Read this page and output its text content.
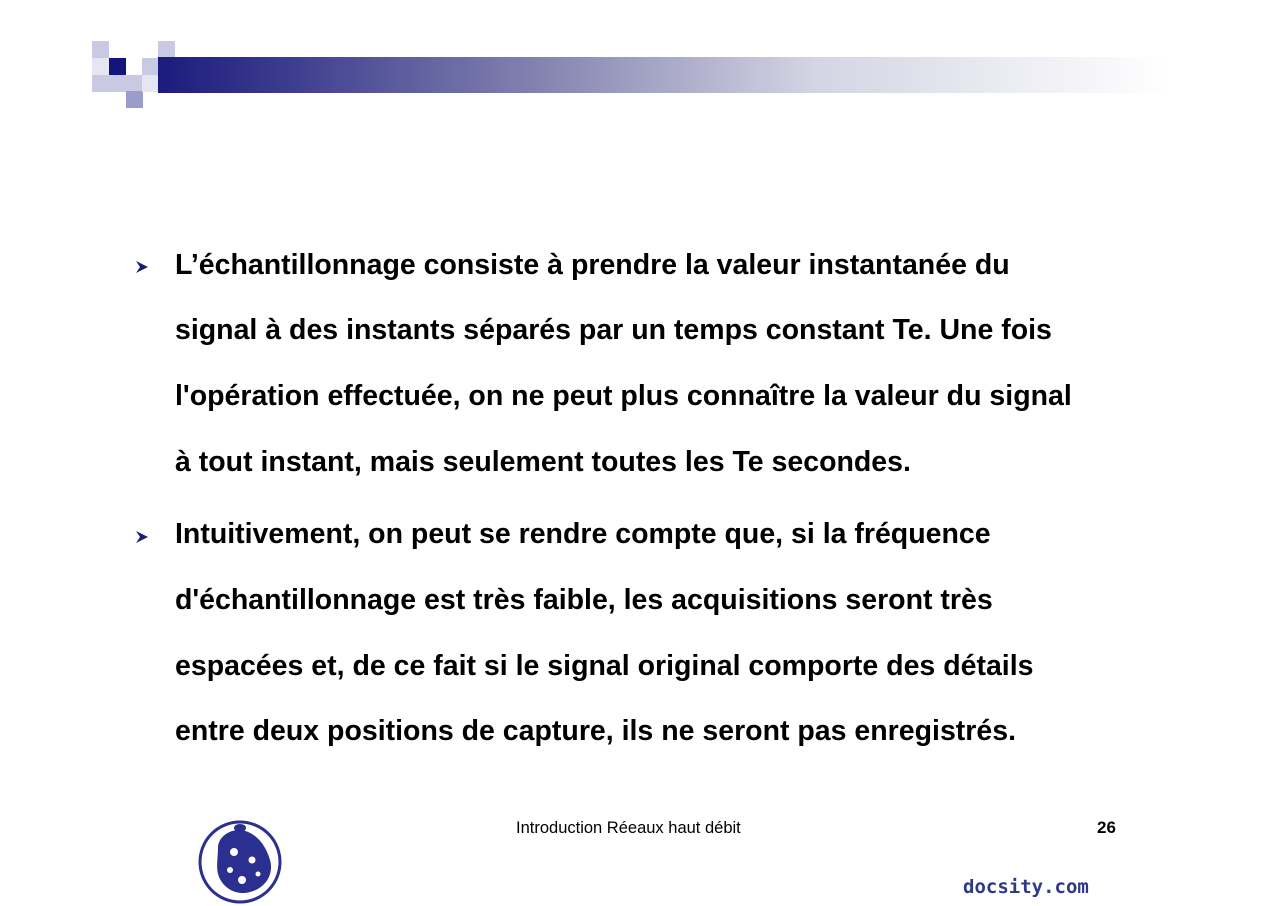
L’échantillonnage consiste à prendre la valeur instantanée du
signal à des instants séparés par un temps constant Te. Une fois
l'opération effectuée, on ne peut plus connaître la valeur du signal
à tout instant, mais seulement toutes les Te secondes.
Intuitivement, on peut se rendre compte que, si la fréquence
d'échantillonnage est très faible, les acquisitions seront très
espacées et, de ce fait si le signal original comporte des détails
entre deux positions de capture, ils ne seront pas enregistrés.
Introduction Réeaux haut débit	26
docsity.com
